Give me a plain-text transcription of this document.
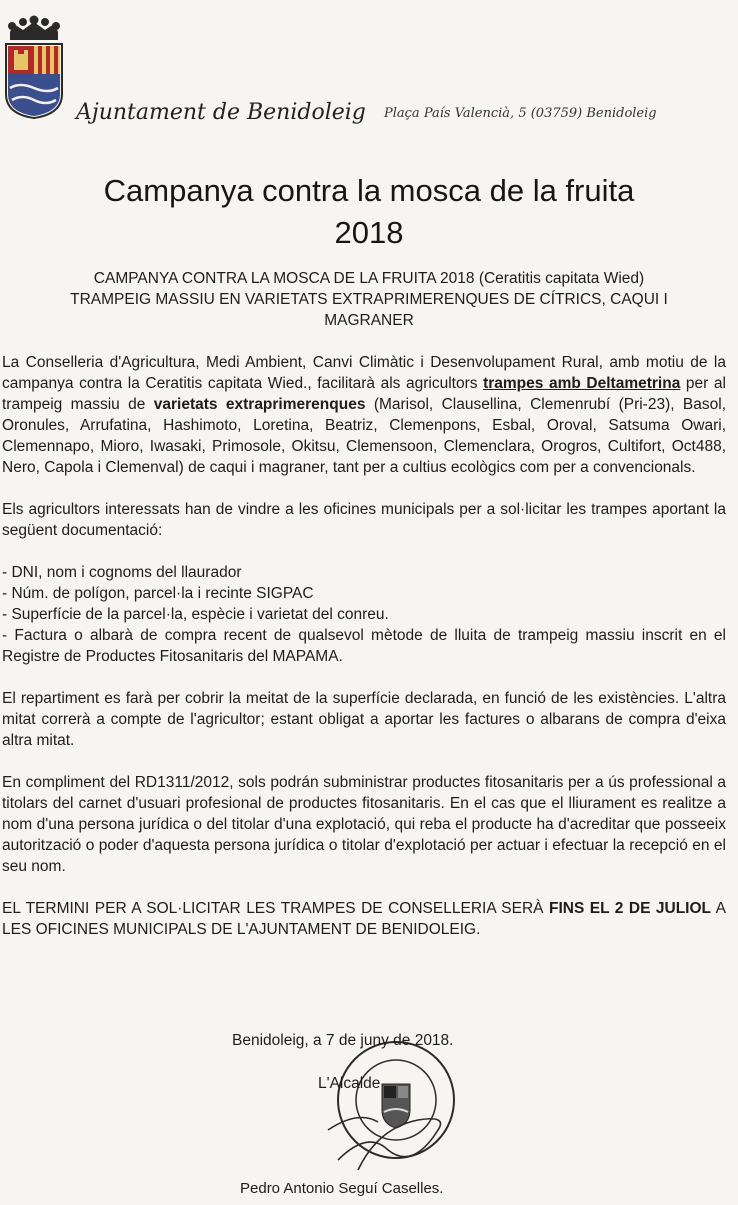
Ajuntament de Benidoleig Plaça País Valencià, 5 (03759) Benidoleig
Campanya contra la mosca de la fruita
2018
CAMPANYA CONTRA LA MOSCA DE LA FRUITA 2018 (Ceratitis capitata Wied)
TRAMPEIG MASSIU EN VARIETATS EXTRAPRIMERENQUES DE CÍTRICS, CAQUI I
MAGRANER

La Conselleria d'Agricultura, Medi Ambient, Canvi Climàtic i Desenvolupament Rural, amb motiu de la campanya contra la Ceratitis capitata Wied., facilitarà als agricultors trampes amb Deltametrina per al trampeig massiu de varietats extraprimerenques (Marisol, Clausellina, Clemenrubí (Pri-23), Basol, Oronules, Arrufatina, Hashimoto, Loretina, Beatriz, Clemenpons, Esbal, Oroval, Satsuma Owari, Clemennapo, Mioro, Iwasaki, Primosole, Okitsu, Clemensoon, Clemenclara, Orogros, Cultifort, Oct488, Nero, Capola i Clemenval) de caqui i magraner, tant per a cultius ecològics com per a convencionals.

Els agricultors interessats han de vindre a les oficines municipals per a sol·licitar les trampes aportant la següent documentació:

- DNI, nom i cognoms del llaurador
- Núm. de polígon, parcel·la i recinte SIGPAC
- Superfície de la parcel·la, espècie i varietat del conreu.
- Factura o albarà de compra recent de qualsevol mètode de lluita de trampeig massiu inscrit en el Registre de Productes Fitosanitaris del MAPAMA.

El repartiment es farà per cobrir la meitat de la superfície declarada, en funció de les existències. L'altra mitat correrà a compte de l'agricultor; estant obligat a aportar les factures o albarans de compra d'eixa altra mitat.

En compliment del RD1311/2012, sols podrán subministrar productes fitosanitaris per a ús professional a titolars del carnet d'usuari profesional de productes fitosanitaris. En el cas que el lliurament es realitze a nom d'una persona jurídica o del titolar d'una explotació, qui reba el producte ha d'acreditar que posseeix autorització o poder d'aquesta persona jurídica o titolar d'explotació per actuar i efectuar la recepció en el seu nom.

EL TERMINI PER A SOL·LICITAR LES TRAMPES DE CONSELLERIA SERÀ FINS EL 2 DE JULIOL A LES OFICINES MUNICIPALS DE L'AJUNTAMENT DE BENIDOLEIG.

Benidoleig, a 7 de juny de 2018.
L'Alcalde
Pedro Antonio Seguí Caselles.
